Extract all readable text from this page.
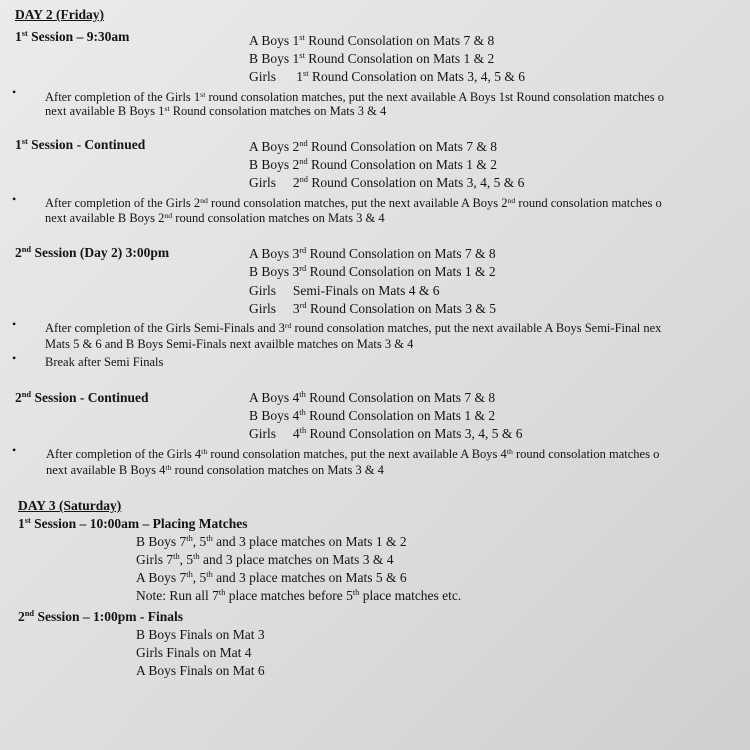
DAY 2 (Friday)
1st Session – 9:30am	A Boys 1st Round Consolation on Mats 7 & 8
B Boys 1st Round Consolation on Mats 1 & 2
Girls      1st Round Consolation on Mats 3, 4, 5 & 6
• After completion of the Girls 1st round consolation matches, put the next available A Boys 1st Round consolation matches o
next available B Boys 1st Round consolation matches on Mats 3 & 4
1st Session - Continued	A Boys 2nd Round Consolation on Mats 7 & 8
B Boys 2nd Round Consolation on Mats 1 & 2
Girls     2nd Round Consolation on Mats 3, 4, 5 & 6
• After completion of the Girls 2nd round consolation matches, put the next available A Boys 2nd round consolation matches o
next available B Boys 2nd round consolation matches on Mats 3 & 4
2nd Session (Day 2) 3:00pm	A Boys 3rd Round Consolation on Mats 7 & 8
B Boys 3rd Round Consolation on Mats 1 & 2
Girls     Semi-Finals on Mats 4 & 6
Girls     3rd Round Consolation on Mats 3 & 5
• After completion of the Girls Semi-Finals and 3rd round consolation matches, put the next available A Boys Semi-Final nex
Mats 5 & 6 and B Boys Semi-Finals next availble matches on Mats 3 & 4
• Break after Semi Finals
2nd Session - Continued	A Boys 4th Round Consolation on Mats 7 & 8
B Boys 4th Round Consolation on Mats 1 & 2
Girls     4th Round Consolation on Mats 3, 4, 5 & 6
• After completion of the Girls 4th round consolation matches, put the next available A Boys 4th round consolation matches o
next available B Boys 4th round consolation matches on Mats 3 & 4
DAY 3 (Saturday)
1st Session – 10:00am – Placing Matches
B Boys 7th, 5th and 3 place matches on Mats 1 & 2
Girls 7th, 5th and 3 place matches on Mats 3 & 4
A Boys 7th, 5th and 3 place matches on Mats 5 & 6
Note: Run all 7th place matches before 5th place matches etc.
2nd Session – 1:00pm - Finals
B Boys Finals on Mat 3
Girls Finals on Mat 4
A Boys Finals on Mat 6
